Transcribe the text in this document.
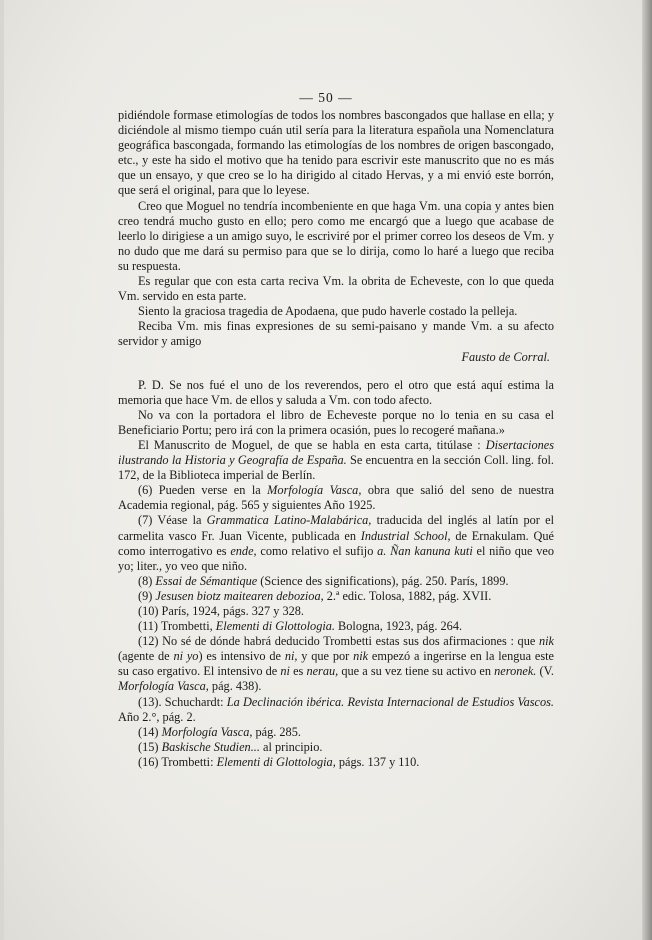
— 50 —

pidiéndole formase etimologías de todos los nombres bascongados que hallase en ella; y diciéndole al mismo tiempo cuán util sería para la literatura española una Nomenclatura geográfica bascongada, formando las etimologías de los nombres de origen bascongado, etc., y este ha sido el motivo que ha tenido para escrivir este manuscrito que no es más que un ensayo, y que creo se lo ha dirigido al citado Hervas, y a mi envió este borrón, que será el original, para que lo leyese.

Creo que Moguel no tendría incombeniente en que haga Vm. una copia y antes bien creo tendrá mucho gusto en ello; pero como me encargó que a luego que acabase de leerlo lo dirigiese a un amigo suyo, le escriviré por el primer correo los deseos de Vm. y no dudo que me dará su permiso para que se lo dirija, como lo haré a luego que reciba su respuesta.

Es regular que con esta carta reciva Vm. la obrita de Echeveste, con lo que queda Vm. servido en esta parte.

Siento la graciosa tragedia de Apodaena, que pudo haverle costado la pelleja.

Reciba Vm. mis finas expresiones de su semi-paisano y mande Vm. a su afecto servidor y amigo

Fausto de Corral.

P. D. Se nos fué el uno de los reverendos, pero el otro que está aquí estima la memoria que hace Vm. de ellos y saluda a Vm. con todo afecto.

No va con la portadora el libro de Echeveste porque no lo tenia en su casa el Beneficiario Portu; pero irá con la primera ocasión, pues lo recogeré mañana.»

El Manuscrito de Moguel, de que se habla en esta carta, titúlase : Disertaciones ilustrando la Historia y Geografía de España. Se encuentra en la sección Coll. ling. fol. 172, de la Biblioteca imperial de Berlín.

(6) Pueden verse en la Morfología Vasca, obra que salió del seno de nuestra Academia regional, pág. 565 y siguientes Año 1925.

(7) Véase la Grammatica Latino-Malabárica, traducida del inglés al latín por el carmelita vasco Fr. Juan Vicente, publicada en Industrial School, de Ernakulam. Qué como interrogativo es ende, como relativo el sufijo a. Ñan kanuna kuti el niño que veo yo; liter., yo veo que niño.

(8) Essai de Sémantique (Science des significations), pág. 250. París, 1899.

(9) Jesusen biotz maitearen debozioa, 2.ª edic. Tolosa, 1882, pág. XVII.

(10) París, 1924, págs. 327 y 328.

(11) Trombetti, Elementi di Glottologia. Bologna, 1923, pág. 264.

(12) No sé de dónde habrá deducido Trombetti estas sus dos afirmaciones : que nik (agente de ni yo) es intensivo de ni, y que por nik empezó a ingerirse en la lengua este su caso ergativo. El intensivo de ni es nerau, que a su vez tiene su activo en neronek. (V. Morfología Vasca, pág. 438).

(13). Schuchardt: La Declinación ibérica. Revista Internacional de Estudios Vascos. Año 2.°, pág. 2.

(14) Morfología Vasca, pág. 285.

(15) Baskische Studien... al principio.

(16) Trombetti: Elementi di Glottologia, págs. 137 y 110.
